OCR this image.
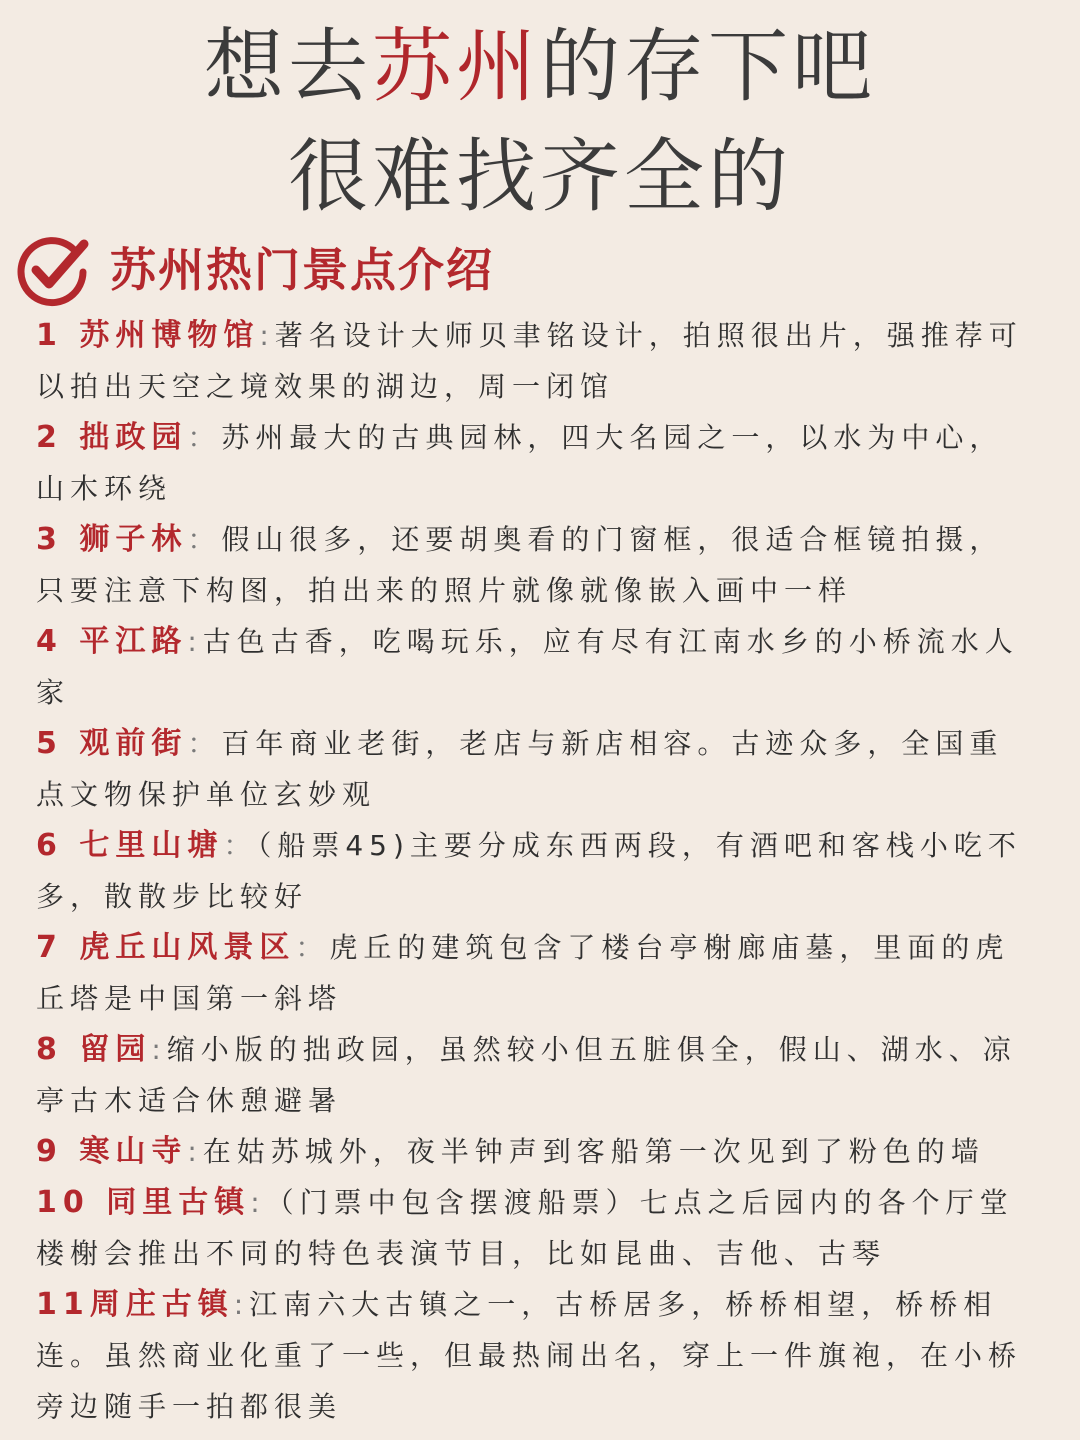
想去苏州的存下吧
很难找齐全的
苏州热门景点介绍
1 苏州博物馆:著名设计大师贝聿铭设计，拍照很出片，强推荐可以拍出天空之境效果的湖边，周一闭馆
2 拙政园：苏州最大的古典园林，四大名园之一，以水为中心，山木环绕
3 狮子林：假山很多，还要胡奥看的门窗框，很适合框镜拍摄，只要注意下构图，拍出来的照片就像就像嵌入画中一样
4 平江路:古色古香，吃喝玩乐，应有尽有江南水乡的小桥流水人家
5 观前街：百年商业老街，老店与新店相容。古迹众多，全国重点文物保护单位玄妙观
6 七里山塘：（船票45)主要分成东西两段，有酒吧和客栈小吃不多，散散步比较好
7 虎丘山风景区：虎丘的建筑包含了楼台亭榭廊庙墓，里面的虎丘塔是中国第一斜塔
8 留园:缩小版的拙政园，虽然较小但五脏俱全，假山、湖水、凉亭古木适合休憩避暑
9 寒山寺:在姑苏城外，夜半钟声到客船第一次见到了粉色的墙
10 同里古镇:（门票中包含摆渡船票）七点之后园内的各个厅堂楼榭会推出不同的特色表演节目，比如昆曲、吉他、古琴
11周庄古镇:江南六大古镇之一，古桥居多，桥桥相望，桥桥相连。虽然商业化重了一些，但最热闹出名，穿上一件旗袍，在小桥旁边随手一拍都很美
